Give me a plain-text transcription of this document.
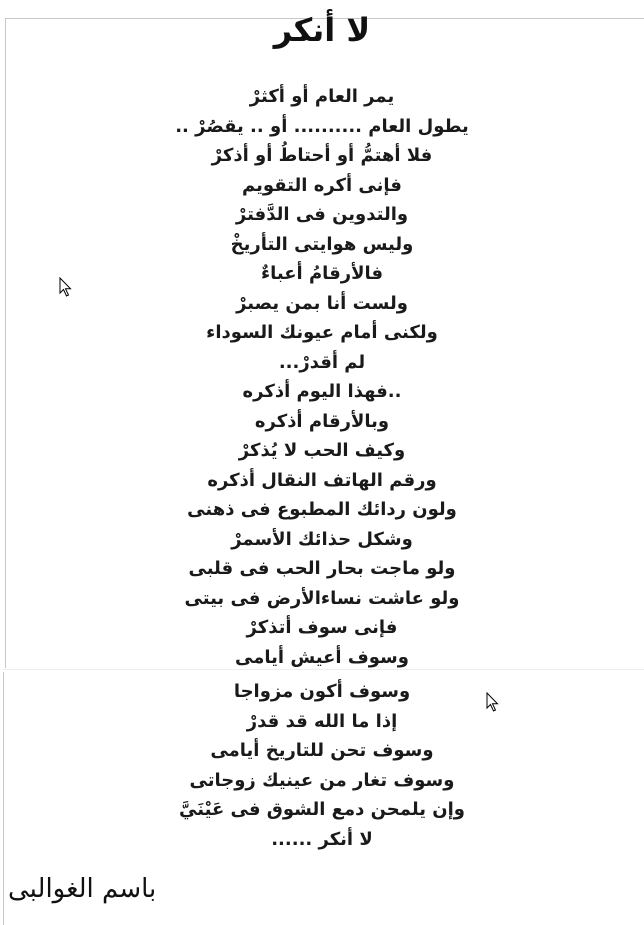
لا أنكر
يمر العام أو أكثرْ
يطول العام .......... أو .. يقصُرْ ..
فلا أهتمُّ أو أحتاطُ أو أذكرْ
فإنى أكره التقويم
والتدوين فى الدَّفترْ
وليس هوايتى التأريخْ
فالأرقامُ أعباءٌ
ولست أنا بمن يصبرْ
ولكنى أمام عيونك السوداء
لم أقدرْ...
..فهذا اليوم أذكره
وبالأرقام أذكره
وكيف الحب لا يُذكرْ
ورقم الهاتف النقال أذكره
ولون ردائك المطبوع فى ذهنى
وشكل حذائك الأسمرْ
ولو ماجت بحار الحب فى قلبى
ولو عاشت نساءالأرض فى بيتى
فإنى سوف أتذكرْ
وسوف أعيش أيامى
وسوف أكون مزواجا
إذا ما الله قد قدرْ
وسوف تحن للتاريخ أيامى
وسوف تغار من عينيك زوجاتى
وإن يلمحن دمع الشوق فى عَيْنَيَّ
لا أنكر ......

باسم الغوالبى
